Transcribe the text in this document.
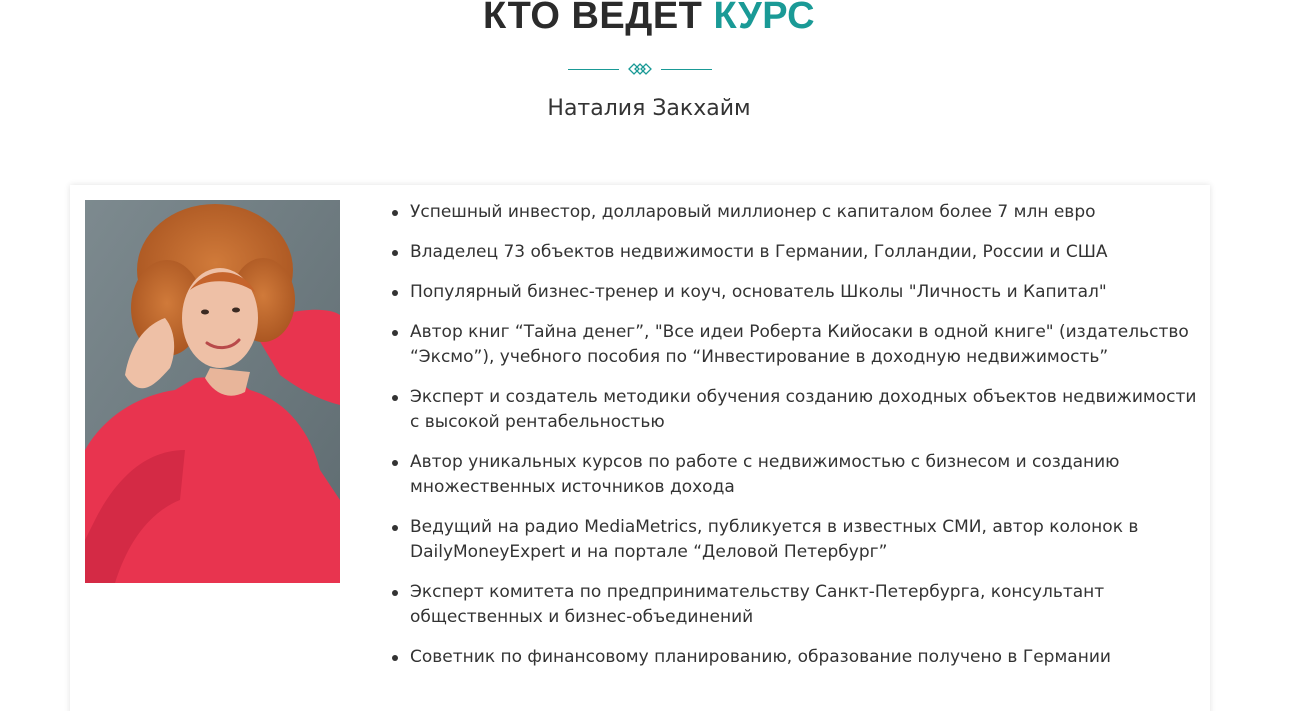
КТО ВЕДЕТ КУРС

Наталия Закхайм

Успешный инвестор, долларовый миллионер с капиталом более 7 млн евро
Владелец 73 объектов недвижимости в Германии, Голландии, России и США
Популярный бизнес-тренер и коуч, основатель Школы "Личность и Капитал"
Автор книг “Тайна денег”, "Все идеи Роберта Кийосаки в одной книге" (издательство “Эксмо”), учебного пособия по “Инвестирование в доходную недвижимость”
Эксперт и создатель методики обучения созданию доходных объектов недвижимости с высокой рентабельностью
Автор уникальных курсов по работе с недвижимостью с бизнесом и созданию множественных источников дохода
Ведущий на радио MediaMetrics, публикуется в известных СМИ, автор колонок в DailyMoneyExpert и на портале “Деловой Петербург”
Эксперт комитета по предпринимательству Санкт-Петербурга, консультант общественных и бизнес-объединений
Советник по финансовому планированию, образование получено в Германии
